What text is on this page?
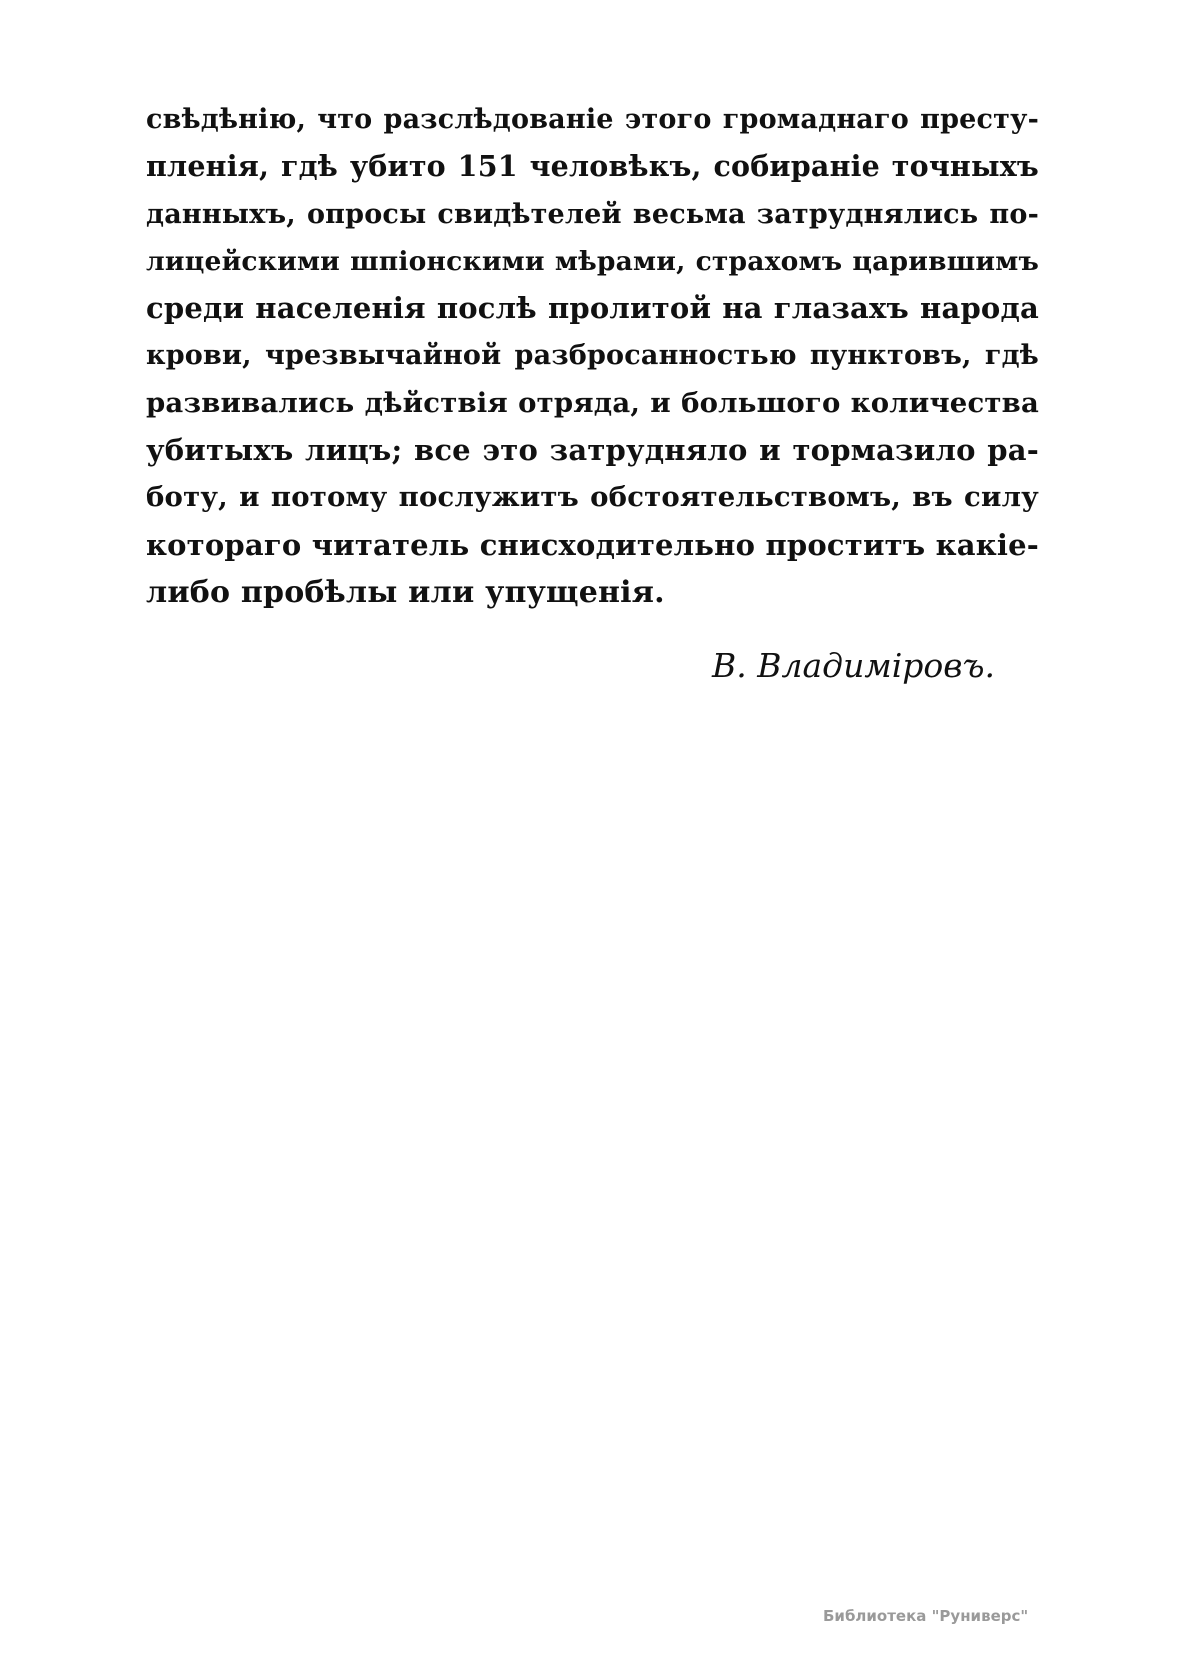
свѣдѣнію, что разслѣдованіе этого громаднаго престу-
пленія, гдѣ убито 151 человѣкъ, собираніе точныхъ
данныхъ, опросы свидѣтелей весьма затруднялись по-
лицейскими шпіонскими мѣрами, страхомъ царившимъ
среди населенія послѣ пролитой на глазахъ народа
крови, чрезвычайной разбросанностью пунктовъ, гдѣ
развивались дѣйствія отряда, и большого количества
убитыхъ лицъ; все это затрудняло и тормазило ра-
боту, и потому послужитъ обстоятельствомъ, въ силу
котораго читатель снисходительно проститъ какіе-
либо пробѣлы или упущенія.
В. Владиміровъ.
Библиотека "Руниверс"
